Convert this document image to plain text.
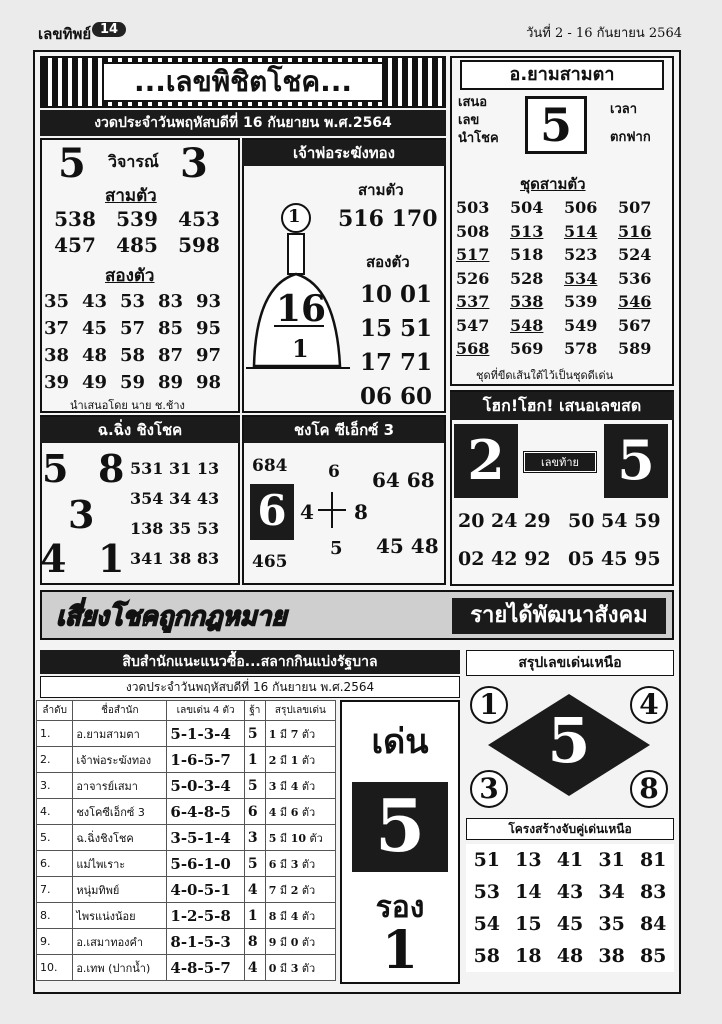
เลขทิพย์ 14	วันที่ 2 - 16 กันยายน 2564
...เลขพิชิตโชค...
งวดประจำวันพฤหัสบดีที่ 16 กันยายน พ.ศ.2564
5 วิจารณ์ 3
สามตัว
538 539 453
457 485 598
สองตัว
35 43 53 83 93
37 45 57 85 95
38 48 58 87 97
39 49 59 89 98
นำเสนอโดย นาย ช.ช้าง
เจ้าพ่อระฆังทอง
สามตัว
1 516 170
สองตัว
16
1
10 01
15 51
17 71
06 60
อ.ยามสามตา
เสนอ
เลข
นำโชค 5	เวลา
ตกฟาก
ชุดสามตัว
503 504 506 507
508 513 514 516
517 518 523 524
526 528 534 536
537 538 539 546
547 548 549 567
568 569 578 589
ชุดที่ขีดเส้นใต้ไว้เป็นชุดดีเด่น
ฉ.ฉิ่ง ชิงโชค
5 8
3
4 1
531 31 13
354 34 43
138 35 53
341 38 83
ชงโค ซีเอ็กซ์ 3
684 6 64 68
6 4 8
465
5 45 48
โฮก!โฮก! เสนอเลขสด
2	เลขท้าย 5
20 24 29 50 54 59
02 42 92 05 45 95
เสี่ยงโชคถูกกฎหมาย	รายได้พัฒนาสังคม
สิบสำนักแนะแนวซื้อ...สลากกินแบ่งรัฐบาล
งวดประจำวันพฤหัสบดีที่ 16 กันยายน พ.ศ.2564
ลำดับ	ชื่อสำนัก	เลขเด่น 4 ตัว	ฐ้า	สรุปเลขเด่น
1.	อ.ยามสามตา	5-1-3-4	5	1 มี 7 ตัว
2.	เจ้าพ่อระฆังทอง	1-6-5-7	1	2 มี 1 ตัว
3.	อาจารย์เสมา	5-0-3-4	5	3 มี 4 ตัว
4.	ชงโคซีเอ็กซ์ 3	6-4-8-5	6	4 มี 6 ตัว
5.	ฉ.ฉิ่งชิงโชค	3-5-1-4	3	5 มี 10 ตัว
6.	แม่ไพเราะ	5-6-1-0	5	6 มี 3 ตัว
7.	หนุ่มทิพย์	4-0-5-1	4	7 มี 2 ตัว
8.	ไพรแน่งน้อย	1-2-5-8	1	8 มี 4 ตัว
9.	อ.เสมาทองคำ	8-1-5-3	8	9 มี 0 ตัว
10.	อ.เทพ (ปากน้ำ)	4-8-5-7	4	0 มี 3 ตัว
เด่น
5
รอง
1
สรุปเลขเด่นเหนือ
5
1	4
3	8
โครงสร้างจับคู่เด่นเหนือ
51	13	41	31	81
53	14	43	34	83
54	15	45	35	84
58	18	48	38	85
